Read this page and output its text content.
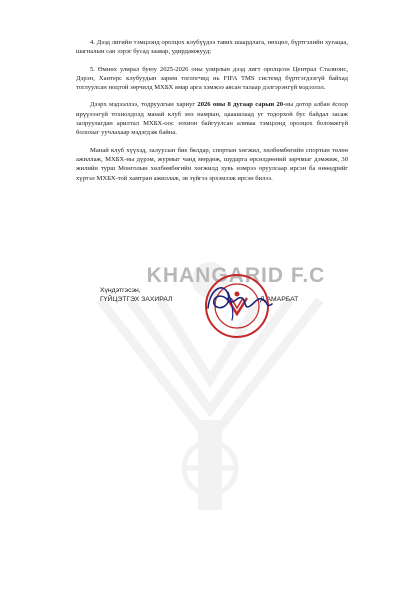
KHANGARID F.C

4. Дээд лигийн тэмцээнд оролцох клубүүдээ тавих шаардлага, нөхцөл, бүртгэлийн хугацаа, шагналын сан зэрэг бусад заавар, удирдамжууд;

5. Өмнөх улирал буюу 2025-2026 оны улирлын дээд лигт оролцсон Централ Сталионс, Дэрэн, Хантерс клубуудын зарим тоглогчид нь FIFA TMS системд бүртгэгдээгүй байхад тоглуулсан ноцтой зөрчилд МХБХ ямар арга хэмжээ авсан талаар дэлгэрэнгүй мэдээлэл.

Дээрх мэдээллээ, тодруулгын хариуг 2026 оны 8 дугаар сарын 20-ны дотор албан ёсоор ирүүлээгүй тохиолдолд манай клуб энэ намрын, цааашлаад уг тодорхой бус байдал засаж залруулагдан арилтал МХБХ-оос зохион байгуулсан аливаа тэмцээнд оролцох боломжгүй болохыг уучлахаар мэдэгдэж байна.

Манай клуб хүүхэд, залуусын бие бялдар, спортын хөгжил, хөлбөмбөгийн спортын төлөө ажиллаж, МХБХ-ны дүрэм, журмыг чанд мөрдөж, шударга өрсөлдөөний зарчмыг дэмжиж, 30 жилийн турш Монголын хөлбөмбөгийн хөгжилд хувь нэмрээ оруулсаар ирсэн ба өнөөдрийг хүртэл МХБХ-той хамтран ажиллаж, эв зүйгээ эрхэмлэж ирсэн билээ.

Хүндэтгэсэн,
ГҮЙЦЭТГЭХ ЗАХИРАЛ	Д.АМАРБАТ
